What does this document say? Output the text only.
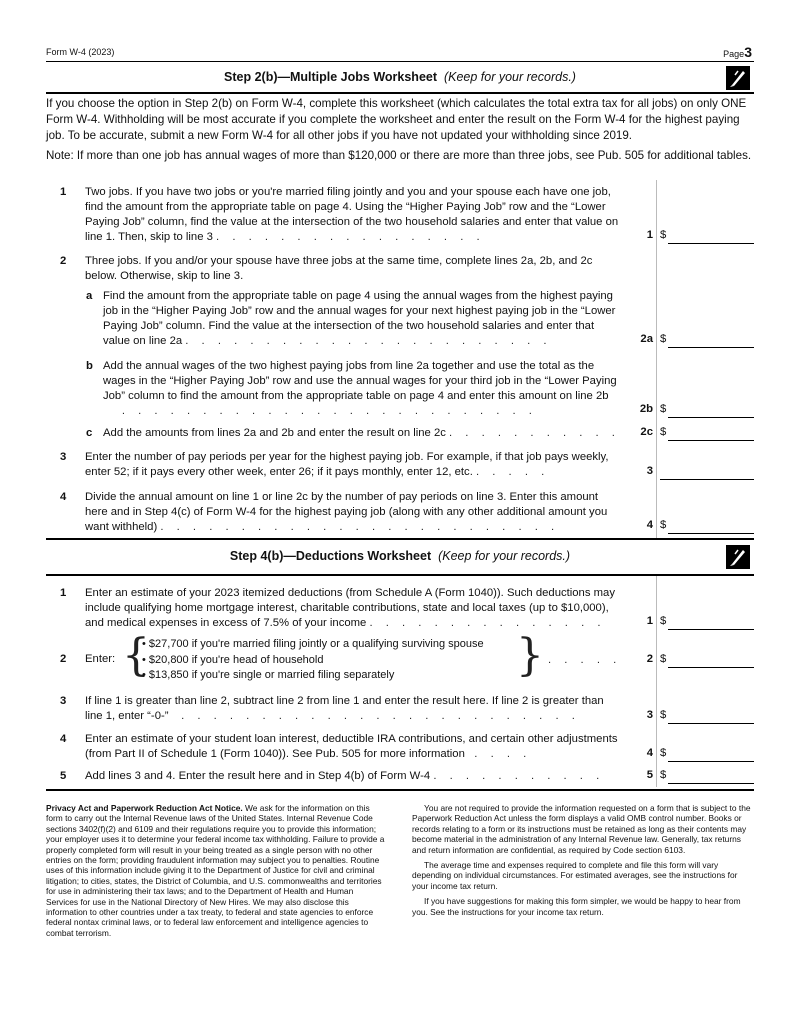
Form W-4 (2023)	Page3
Step 2(b)—Multiple Jobs Worksheet (Keep for your records.)
If you choose the option in Step 2(b) on Form W-4, complete this worksheet (which calculates the total extra tax for all jobs) on only ONE Form W-4. Withholding will be most accurate if you complete the worksheet and enter the result on the Form W-4 for the highest paying job. To be accurate, submit a new Form W-4 for all other jobs if you have not updated your withholding since 2019.
Note: If more than one job has annual wages of more than $120,000 or there are more than three jobs, see Pub. 505 for additional tables.
1 Two jobs. If you have two jobs or you're married filing jointly and you and your spouse each have one job, find the amount from the appropriate table on page 4. Using the “Higher Paying Job” row and the “Lower Paying Job” column, find the value at the intersection of the two household salaries and enter that value on line 1. Then, skip to line 3 . . . . . . . . . . . . . . . . .	1 $
2 Three jobs. If you and/or your spouse have three jobs at the same time, complete lines 2a, 2b, and 2c below. Otherwise, skip to line 3.
a Find the amount from the appropriate table on page 4 using the annual wages from the highest paying job in the “Higher Paying Job” row and the annual wages for your next highest paying job in the “Lower Paying Job” column. Find the value at the intersection of the two household salaries and enter that value on line 2a . . . . . . . . . . . . . . . . . . . . . . .	2a $
b Add the annual wages of the two highest paying jobs from line 2a together and use the total as the wages in the “Higher Paying Job” row and use the annual wages for your third job in the “Lower Paying Job” column to find the amount from the appropriate table on page 4 and enter this amount on line 2b       . . . . . . . . . . . . . . . . . . . . . . . . . .	2b $
c Add the amounts from lines 2a and 2b and enter the result on line 2c . . . . . . . . . . .	2c $
3 Enter the number of pay periods per year for the highest paying job. For example, if that job pays weekly, enter 52; if it pays every other week, enter 26; if it pays monthly, enter 12, etc. . . . . .	3
4 Divide the annual amount on line 1 or line 2c by the number of pay periods on line 3. Enter this amount here and in Step 4(c) of Form W-4 for the highest paying job (along with any other additional amount you want withheld) . . . . . . . . . . . . . . . . . . . . . . . . .	4 $
Step 4(b)—Deductions Worksheet (Keep for your records.)
1 Enter an estimate of your 2023 itemized deductions (from Schedule A (Form 1040)). Such deductions may include qualifying home mortgage interest, charitable contributions, state and local taxes (up to $10,000), and medical expenses in excess of 7.5% of your income . . . . . . . . . . . . . . .	1 $
2 Enter: {
• $27,700 if you're married filing jointly or a qualifying surviving spouse
• $20,800 if you're head of household
• $13,850 if you're single or married filing separately	} . . . . .	2 $
3 If line 1 is greater than line 2, subtract line 2 from line 1 and enter the result here. If line 2 is greater than line 1, enter “-0-” . . . . . . . . . . . . . . . . . . . . . . . . .	3 $
4 Enter an estimate of your student loan interest, deductible IRA contributions, and certain other adjustments (from Part II of Schedule 1 (Form 1040)). See Pub. 505 for more information . . . .	4 $
5 Add lines 3 and 4. Enter the result here and in Step 4(b) of Form W-4 . . . . . . . . . . .	5 $

Privacy Act and Paperwork Reduction Act Notice. We ask for the information on this form to carry out the Internal Revenue laws of the United States. Internal Revenue Code sections 3402(f)(2) and 6109 and their regulations require you to provide this information; your employer uses it to determine your federal income tax withholding. Failure to provide a properly completed form will result in your being treated as a single person with no other entries on the form; providing fraudulent information may subject you to penalties. Routine uses of this information include giving it to the Department of Justice for civil and criminal litigation; to cities, states, the District of Columbia, and U.S. commonwealths and territories for use in administering their tax laws; and to the Department of Health and Human Services for use in the National Directory of New Hires. We may also disclose this information to other countries under a tax treaty, to federal and state agencies to enforce federal nontax criminal laws, or to federal law enforcement and intelligence agencies to combat terrorism.

You are not required to provide the information requested on a form that is subject to the Paperwork Reduction Act unless the form displays a valid OMB control number. Books or records relating to a form or its instructions must be retained as long as their contents may become material in the administration of any Internal Revenue law. Generally, tax returns and return information are confidential, as required by Code section 6103.

The average time and expenses required to complete and file this form will vary depending on individual circumstances. For estimated averages, see the instructions for your income tax return.

If you have suggestions for making this form simpler, we would be happy to hear from you. See the instructions for your income tax return.
